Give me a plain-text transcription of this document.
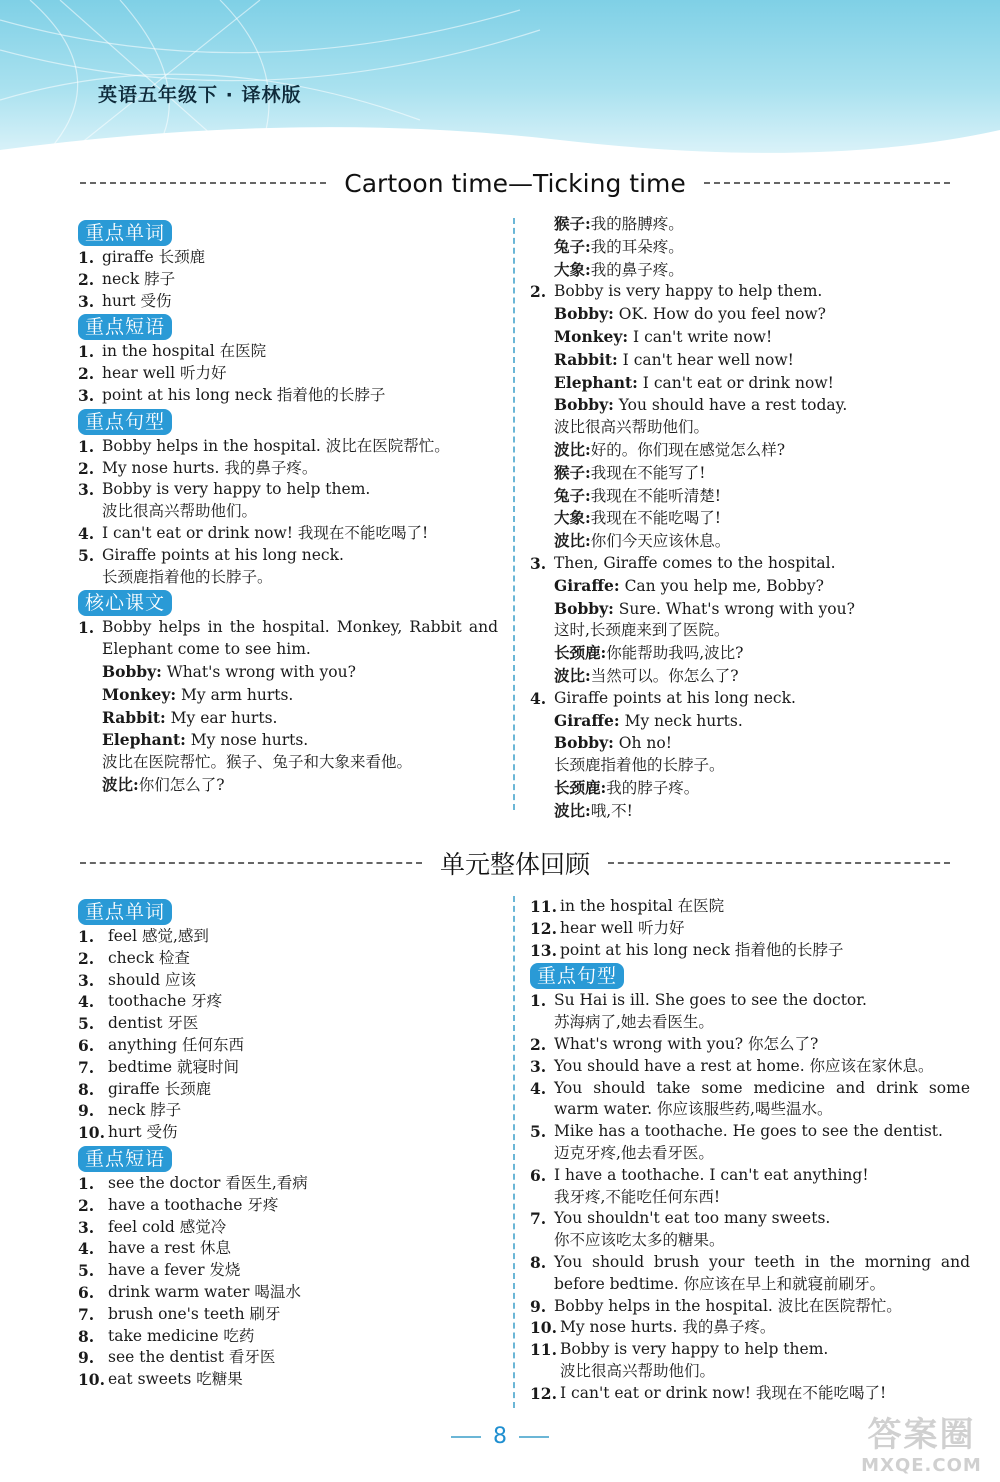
英语五年级下 · 译林版
Cartoon time—Ticking time
重点单词
1. giraffe 长颈鹿
2. neck 脖子
3. hurt 受伤
重点短语
1. in the hospital 在医院
2. hear well 听力好
3. point at his long neck 指着他的长脖子
重点句型
1. Bobby helps in the hospital. 波比在医院帮忙。
2. My nose hurts. 我的鼻子疼。
3. Bobby is very happy to help them.
波比很高兴帮助他们。
4. I can't eat or drink now! 我现在不能吃喝了!
5. Giraffe points at his long neck.
长颈鹿指着他的长脖子。
核心课文
1. Bobby helps in the hospital. Monkey, Rabbit and Elephant come to see him.
Bobby: What's wrong with you?
Monkey: My arm hurts.
Rabbit: My ear hurts.
Elephant: My nose hurts.
波比在医院帮忙。猴子、兔子和大象来看他。
波比:你们怎么了?
猴子:我的胳膊疼。
兔子:我的耳朵疼。
大象:我的鼻子疼。
2. Bobby is very happy to help them.
Bobby: OK. How do you feel now?
Monkey: I can't write now!
Rabbit: I can't hear well now!
Elephant: I can't eat or drink now!
Bobby: You should have a rest today.
波比很高兴帮助他们。
波比:好的。你们现在感觉怎么样?
猴子:我现在不能写了!
兔子:我现在不能听清楚!
大象:我现在不能吃喝了!
波比:你们今天应该休息。
3. Then, Giraffe comes to the hospital.
Giraffe: Can you help me, Bobby?
Bobby: Sure. What's wrong with you?
这时,长颈鹿来到了医院。
长颈鹿:你能帮助我吗,波比?
波比:当然可以。你怎么了?
4. Giraffe points at his long neck.
Giraffe: My neck hurts.
Bobby: Oh no!
长颈鹿指着他的长脖子。
长颈鹿:我的脖子疼。
波比:哦,不!
单元整体回顾
重点单词
1. feel 感觉,感到
2. check 检查
3. should 应该
4. toothache 牙疼
5. dentist 牙医
6. anything 任何东西
7. bedtime 就寝时间
8. giraffe 长颈鹿
9. neck 脖子
10. hurt 受伤
重点短语
1. see the doctor 看医生,看病
2. have a toothache 牙疼
3. feel cold 感觉冷
4. have a rest 休息
5. have a fever 发烧
6. drink warm water 喝温水
7. brush one's teeth 刷牙
8. take medicine 吃药
9. see the dentist 看牙医
10. eat sweets 吃糖果
11. in the hospital 在医院
12. hear well 听力好
13. point at his long neck 指着他的长脖子
重点句型
1. Su Hai is ill. She goes to see the doctor.
苏海病了,她去看医生。
2. What's wrong with you? 你怎么了?
3. You should have a rest at home. 你应该在家休息。
4. You should take some medicine and drink some warm water. 你应该服些药,喝些温水。
5. Mike has a toothache. He goes to see the dentist.
迈克牙疼,他去看牙医。
6. I have a toothache. I can't eat anything!
我牙疼,不能吃任何东西!
7. You shouldn't eat too many sweets.
你不应该吃太多的糖果。
8. You should brush your teeth in the morning and before bedtime. 你应该在早上和就寝前刷牙。
9. Bobby helps in the hospital. 波比在医院帮忙。
10. My nose hurts. 我的鼻子疼。
11. Bobby is very happy to help them.
波比很高兴帮助他们。
12. I can't eat or drink now! 我现在不能吃喝了!
8	答案圈
MXQE.COM
